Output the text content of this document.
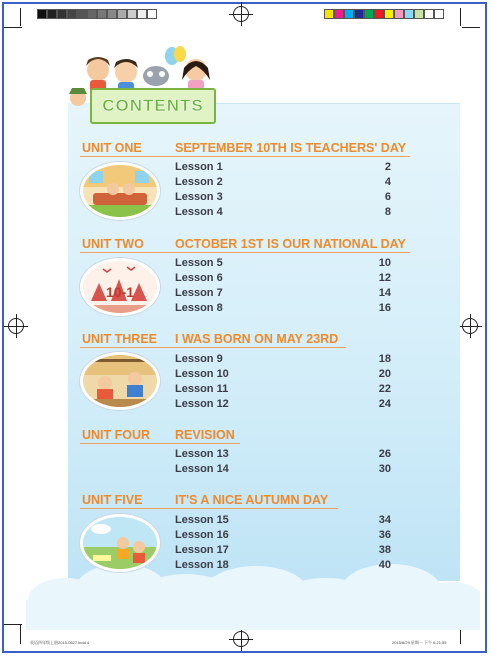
CONTENTS
UNIT ONE	SEPTEMBER 10TH IS TEACHERS' DAY
Lesson 1	2
Lesson 2	4
Lesson 3	6
Lesson 4	8
UNIT TWO OCTOBER 1ST IS OUR NATIONAL DAY
10-1
Lesson 5	10
Lesson 6	12
Lesson 7	14
Lesson 8	16
UNIT THREE I WAS BORN ON MAY 23RD
Lesson 9	18
Lesson 10	20
Lesson 11	22
Lesson 12	24
UNIT FOUR REVISION
Lesson 13	26
Lesson 14	30
UNIT FIVE	IT'S A NICE AUTUMN DAY
Lesson 15	34
Lesson 16	36
Lesson 17	38
Lesson 18	40
英语四年级上册2015-0627.indd 4	2015/6/29 星期一 下午 6:21:55
